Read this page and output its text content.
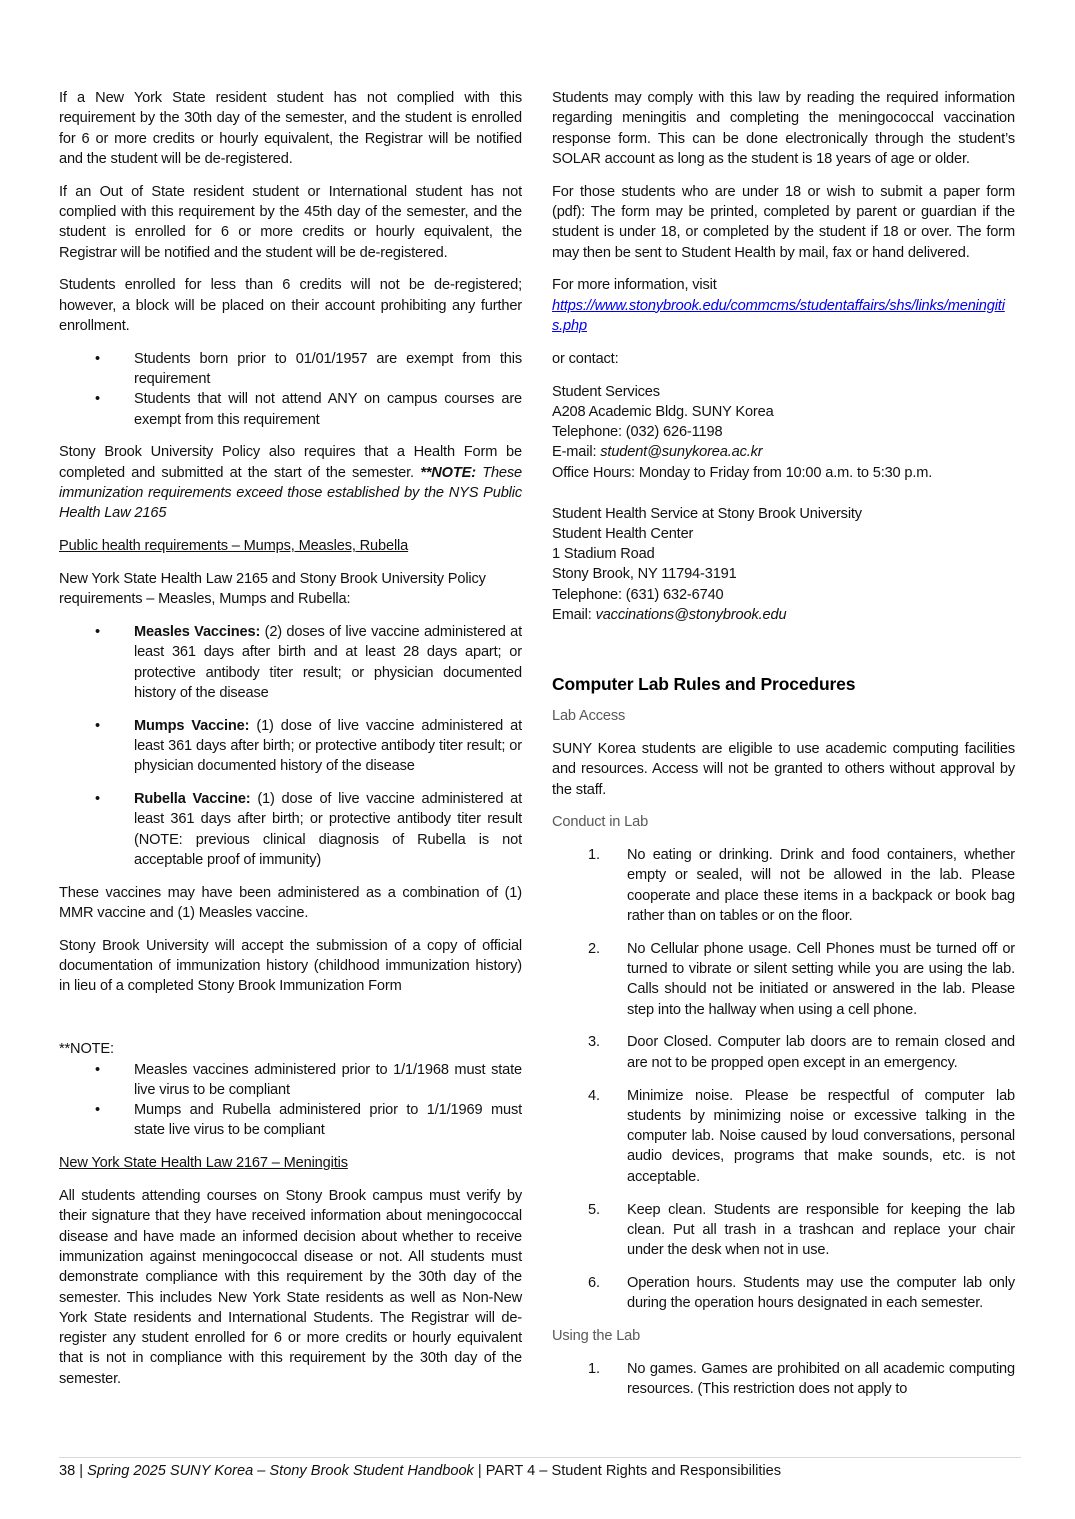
If a New York State resident student has not complied with this requirement by the 30th day of the semester, and the student is enrolled for 6 or more credits or hourly equivalent, the Registrar will be notified and the student will be de-registered.

If an Out of State resident student or International student has not complied with this requirement by the 45th day of the semester, and the student is enrolled for 6 or more credits or hourly equivalent, the Registrar will be notified and the student will be de-registered.

Students enrolled for less than 6 credits will not be de-registered; however, a block will be placed on their account prohibiting any further enrollment.

• Students born prior to 01/01/1957 are exempt from this requirement
• Students that will not attend ANY on campus courses are exempt from this requirement

Stony Brook University Policy also requires that a Health Form be completed and submitted at the start of the semester. **NOTE: These immunization requirements exceed those established by the NYS Public Health Law 2165

Public health requirements – Mumps, Measles, Rubella

New York State Health Law 2165 and Stony Brook University Policy requirements – Measles, Mumps and Rubella:

• Measles Vaccines: (2) doses of live vaccine administered at least 361 days after birth and at least 28 days apart; or protective antibody titer result; or physician documented history of the disease
• Mumps Vaccine: (1) dose of live vaccine administered at least 361 days after birth; or protective antibody titer result; or physician documented history of the disease
• Rubella Vaccine: (1) dose of live vaccine administered at least 361 days after birth; or protective antibody titer result (NOTE: previous clinical diagnosis of Rubella is not acceptable proof of immunity)

These vaccines may have been administered as a combination of (1) MMR vaccine and (1) Measles vaccine.

Stony Brook University will accept the submission of a copy of official documentation of immunization history (childhood immunization history) in lieu of a completed Stony Brook Immunization Form

**NOTE:
• Measles vaccines administered prior to 1/1/1968 must state live virus to be compliant
• Mumps and Rubella administered prior to 1/1/1969 must state live virus to be compliant

New York State Health Law 2167 – Meningitis

All students attending courses on Stony Brook campus must verify by their signature that they have received information about meningococcal disease and have made an informed decision about whether to receive immunization against meningococcal disease or not. All students must demonstrate compliance with this requirement by the 30th day of the semester. This includes New York State residents as well as Non-New York State residents and International Students. The Registrar will de-register any student enrolled for 6 or more credits or hourly equivalent that is not in compliance with this requirement by the 30th day of the semester.

Students may comply with this law by reading the required information regarding meningitis and completing the meningococcal vaccination response form. This can be done electronically through the student’s SOLAR account as long as the student is 18 years of age or older.

For those students who are under 18 or wish to submit a paper form (pdf): The form may be printed, completed by parent or guardian if the student is under 18, or completed by the student if 18 or over. The form may then be sent to Student Health by mail, fax or hand delivered.

For more information, visit

https://www.stonybrook.edu/commcms/studentaffairs/shs/links/meningitis.php

or contact:

Student Services
A208 Academic Bldg. SUNY Korea
Telephone: (032) 626-1198
E-mail: student@sunykorea.ac.kr
Office Hours: Monday to Friday from 10:00 a.m. to 5:30 p.m.
Student Health Service at Stony Brook University
Student Health Center
1 Stadium Road
Stony Brook, NY 11794-3191
Telephone: (631) 632-6740
Email: vaccinations@stonybrook.edu
Computer Lab Rules and Procedures
Lab Access

SUNY Korea students are eligible to use academic computing facilities and resources. Access will not be granted to others without approval by the staff.

Conduct in Lab
1. No eating or drinking. Drink and food containers, whether empty or sealed, will not be allowed in the lab. Please cooperate and place these items in a backpack or book bag rather than on tables or on the floor.
2. No Cellular phone usage. Cell Phones must be turned off or turned to vibrate or silent setting while you are using the lab. Calls should not be initiated or answered in the lab. Please step into the hallway when using a cell phone.
3. Door Closed. Computer lab doors are to remain closed and are not to be propped open except in an emergency.
4. Minimize noise. Please be respectful of computer lab students by minimizing noise or excessive talking in the computer lab. Noise caused by loud conversations, personal audio devices, programs that make sounds, etc. is not acceptable.
5. Keep clean. Students are responsible for keeping the lab clean. Put all trash in a trashcan and replace your chair under the desk when not in use.
6. Operation hours. Students may use the computer lab only during the operation hours designated in each semester.
Using the Lab
1. No games. Games are prohibited on all academic computing resources. (This restriction does not apply to
38 | Spring 2025 SUNY Korea – Stony Brook Student Handbook | PART 4 – Student Rights and Responsibilities
